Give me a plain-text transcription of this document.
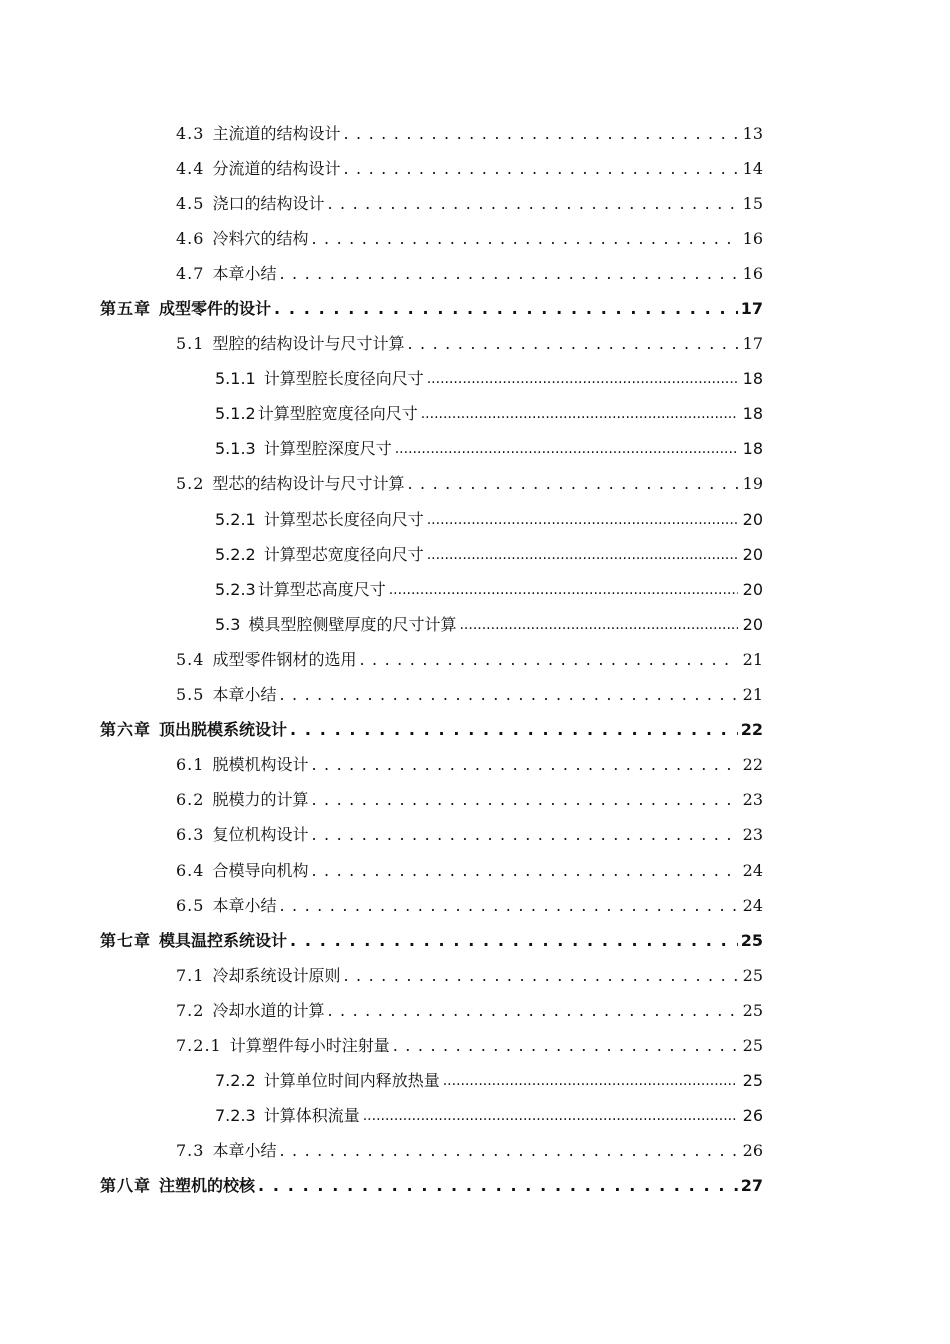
4.3 主流道的结构设计 . . .	13
4.4 分流道的结构设计 . . .	14
4.5 浇口的结构设计 . . .	15
4.6 冷料穴的结构 . . .	16
4.7 本章小结 . . .	16
第五章 成型零件的设计 . . .	17
5.1 型腔的结构设计与尺寸计算 . . .	17
5.1.1 计算型腔长度径向尺寸 .....	18
5.1.2 计算型腔宽度径向尺寸 .....	18
5.1.3 计算型腔深度尺寸 .....	18
5.2 型芯的结构设计与尺寸计算 . . .	19
5.2.1 计算型芯长度径向尺寸 .....	20
5.2.2 计算型芯宽度径向尺寸 .....	20
5.2.3 计算型芯高度尺寸 .....	20
5.3 模具型腔侧壁厚度的尺寸计算 .....	20
5.4 成型零件钢材的选用 . . .	21
5.5 本章小结 . . .	21
第六章 顶出脱模系统设计 . . .	22
6.1 脱模机构设计 . . .	22
6.2 脱模力的计算 . . .	23
6.3 复位机构设计 . . .	23
6.4 合模导向机构 . . .	24
6.5 本章小结 . . .	24
第七章 模具温控系统设计 . . .	25
7.1 冷却系统设计原则 . . .	25
7.2 冷却水道的计算 . . .	25
7.2.1 计算塑件每小时注射量 . . .	25
7.2.2 计算单位时间内释放热量 .....	25
7.2.3 计算体积流量 .....	26
7.3 本章小结 . . .	26
第八章 注塑机的校核 . . .	27
